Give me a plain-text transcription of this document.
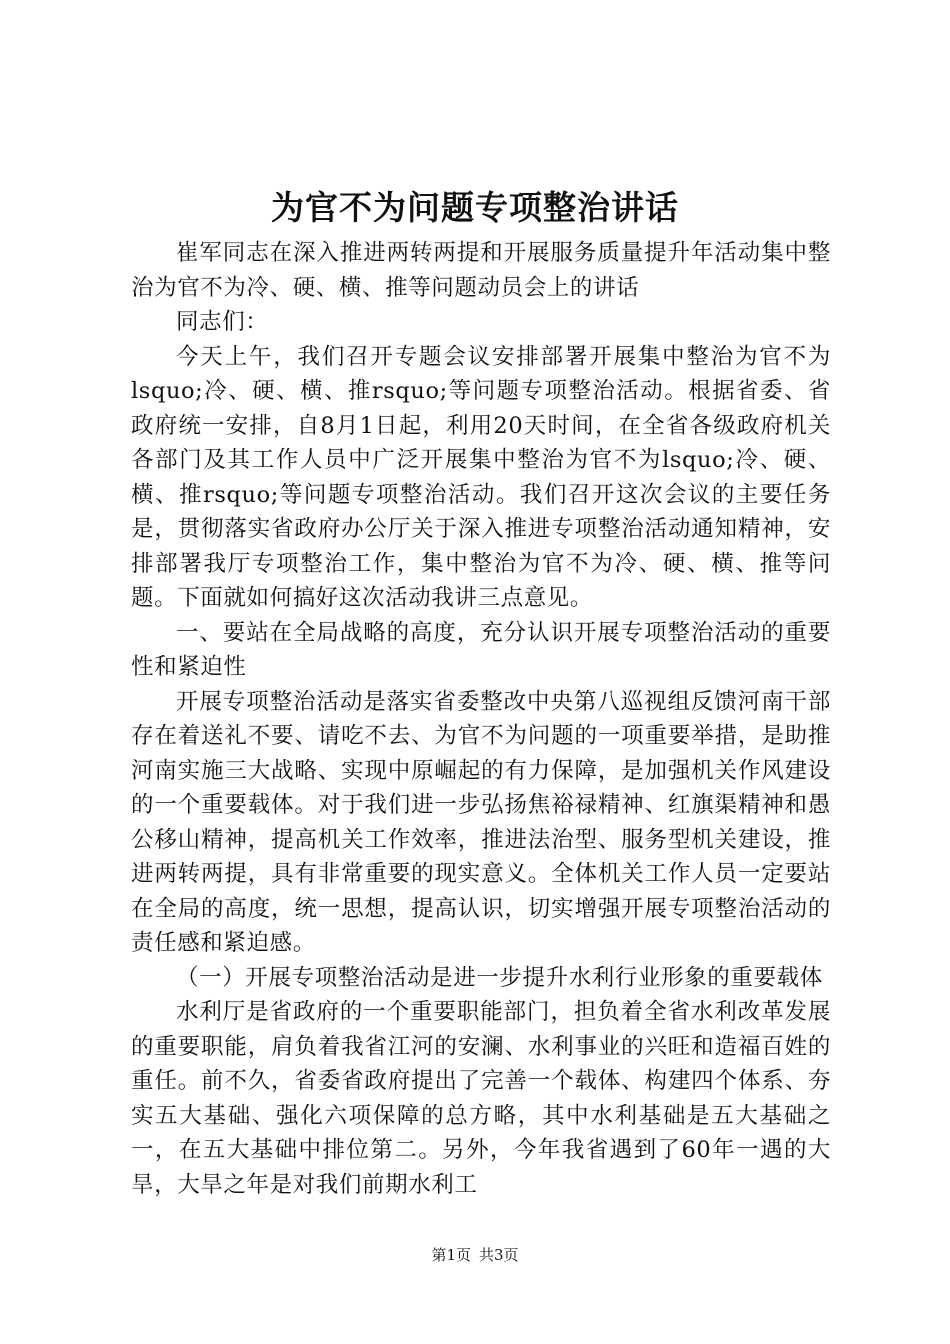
为官不为问题专项整治讲话

崔军同志在深入推进两转两提和开展服务质量提升年活动集中整治为官不为冷、硬、横、推等问题动员会上的讲话

同志们：

今天上午，我们召开专题会议安排部署开展集中整治为官不为lsquo;冷、硬、横、推rsquo;等问题专项整治活动。根据省委、省政府统一安排，自8月1日起，利用20天时间，在全省各级政府机关各部门及其工作人员中广泛开展集中整治为官不为lsquo;冷、硬、横、推rsquo;等问题专项整治活动。我们召开这次会议的主要任务是，贯彻落实省政府办公厅关于深入推进专项整治活动通知精神，安排部署我厅专项整治工作，集中整治为官不为冷、硬、横、推等问题。下面就如何搞好这次活动我讲三点意见。

一、要站在全局战略的高度，充分认识开展专项整治活动的重要性和紧迫性

开展专项整治活动是落实省委整改中央第八巡视组反馈河南干部存在着送礼不要、请吃不去、为官不为问题的一项重要举措，是助推河南实施三大战略、实现中原崛起的有力保障，是加强机关作风建设的一个重要载体。对于我们进一步弘扬焦裕禄精神、红旗渠精神和愚公移山精神，提高机关工作效率，推进法治型、服务型机关建设，推进两转两提，具有非常重要的现实意义。全体机关工作人员一定要站在全局的高度，统一思想，提高认识，切实增强开展专项整治活动的责任感和紧迫感。

（一）开展专项整治活动是进一步提升水利行业形象的重要载体

水利厅是省政府的一个重要职能部门，担负着全省水利改革发展的重要职能，肩负着我省江河的安澜、水利事业的兴旺和造福百姓的重任。前不久，省委省政府提出了完善一个载体、构建四个体系、夯实五大基础、强化六项保障的总方略，其中水利基础是五大基础之一，在五大基础中排位第二。另外，今年我省遇到了60年一遇的大旱，大旱之年是对我们前期水利工

第1页 共3页
